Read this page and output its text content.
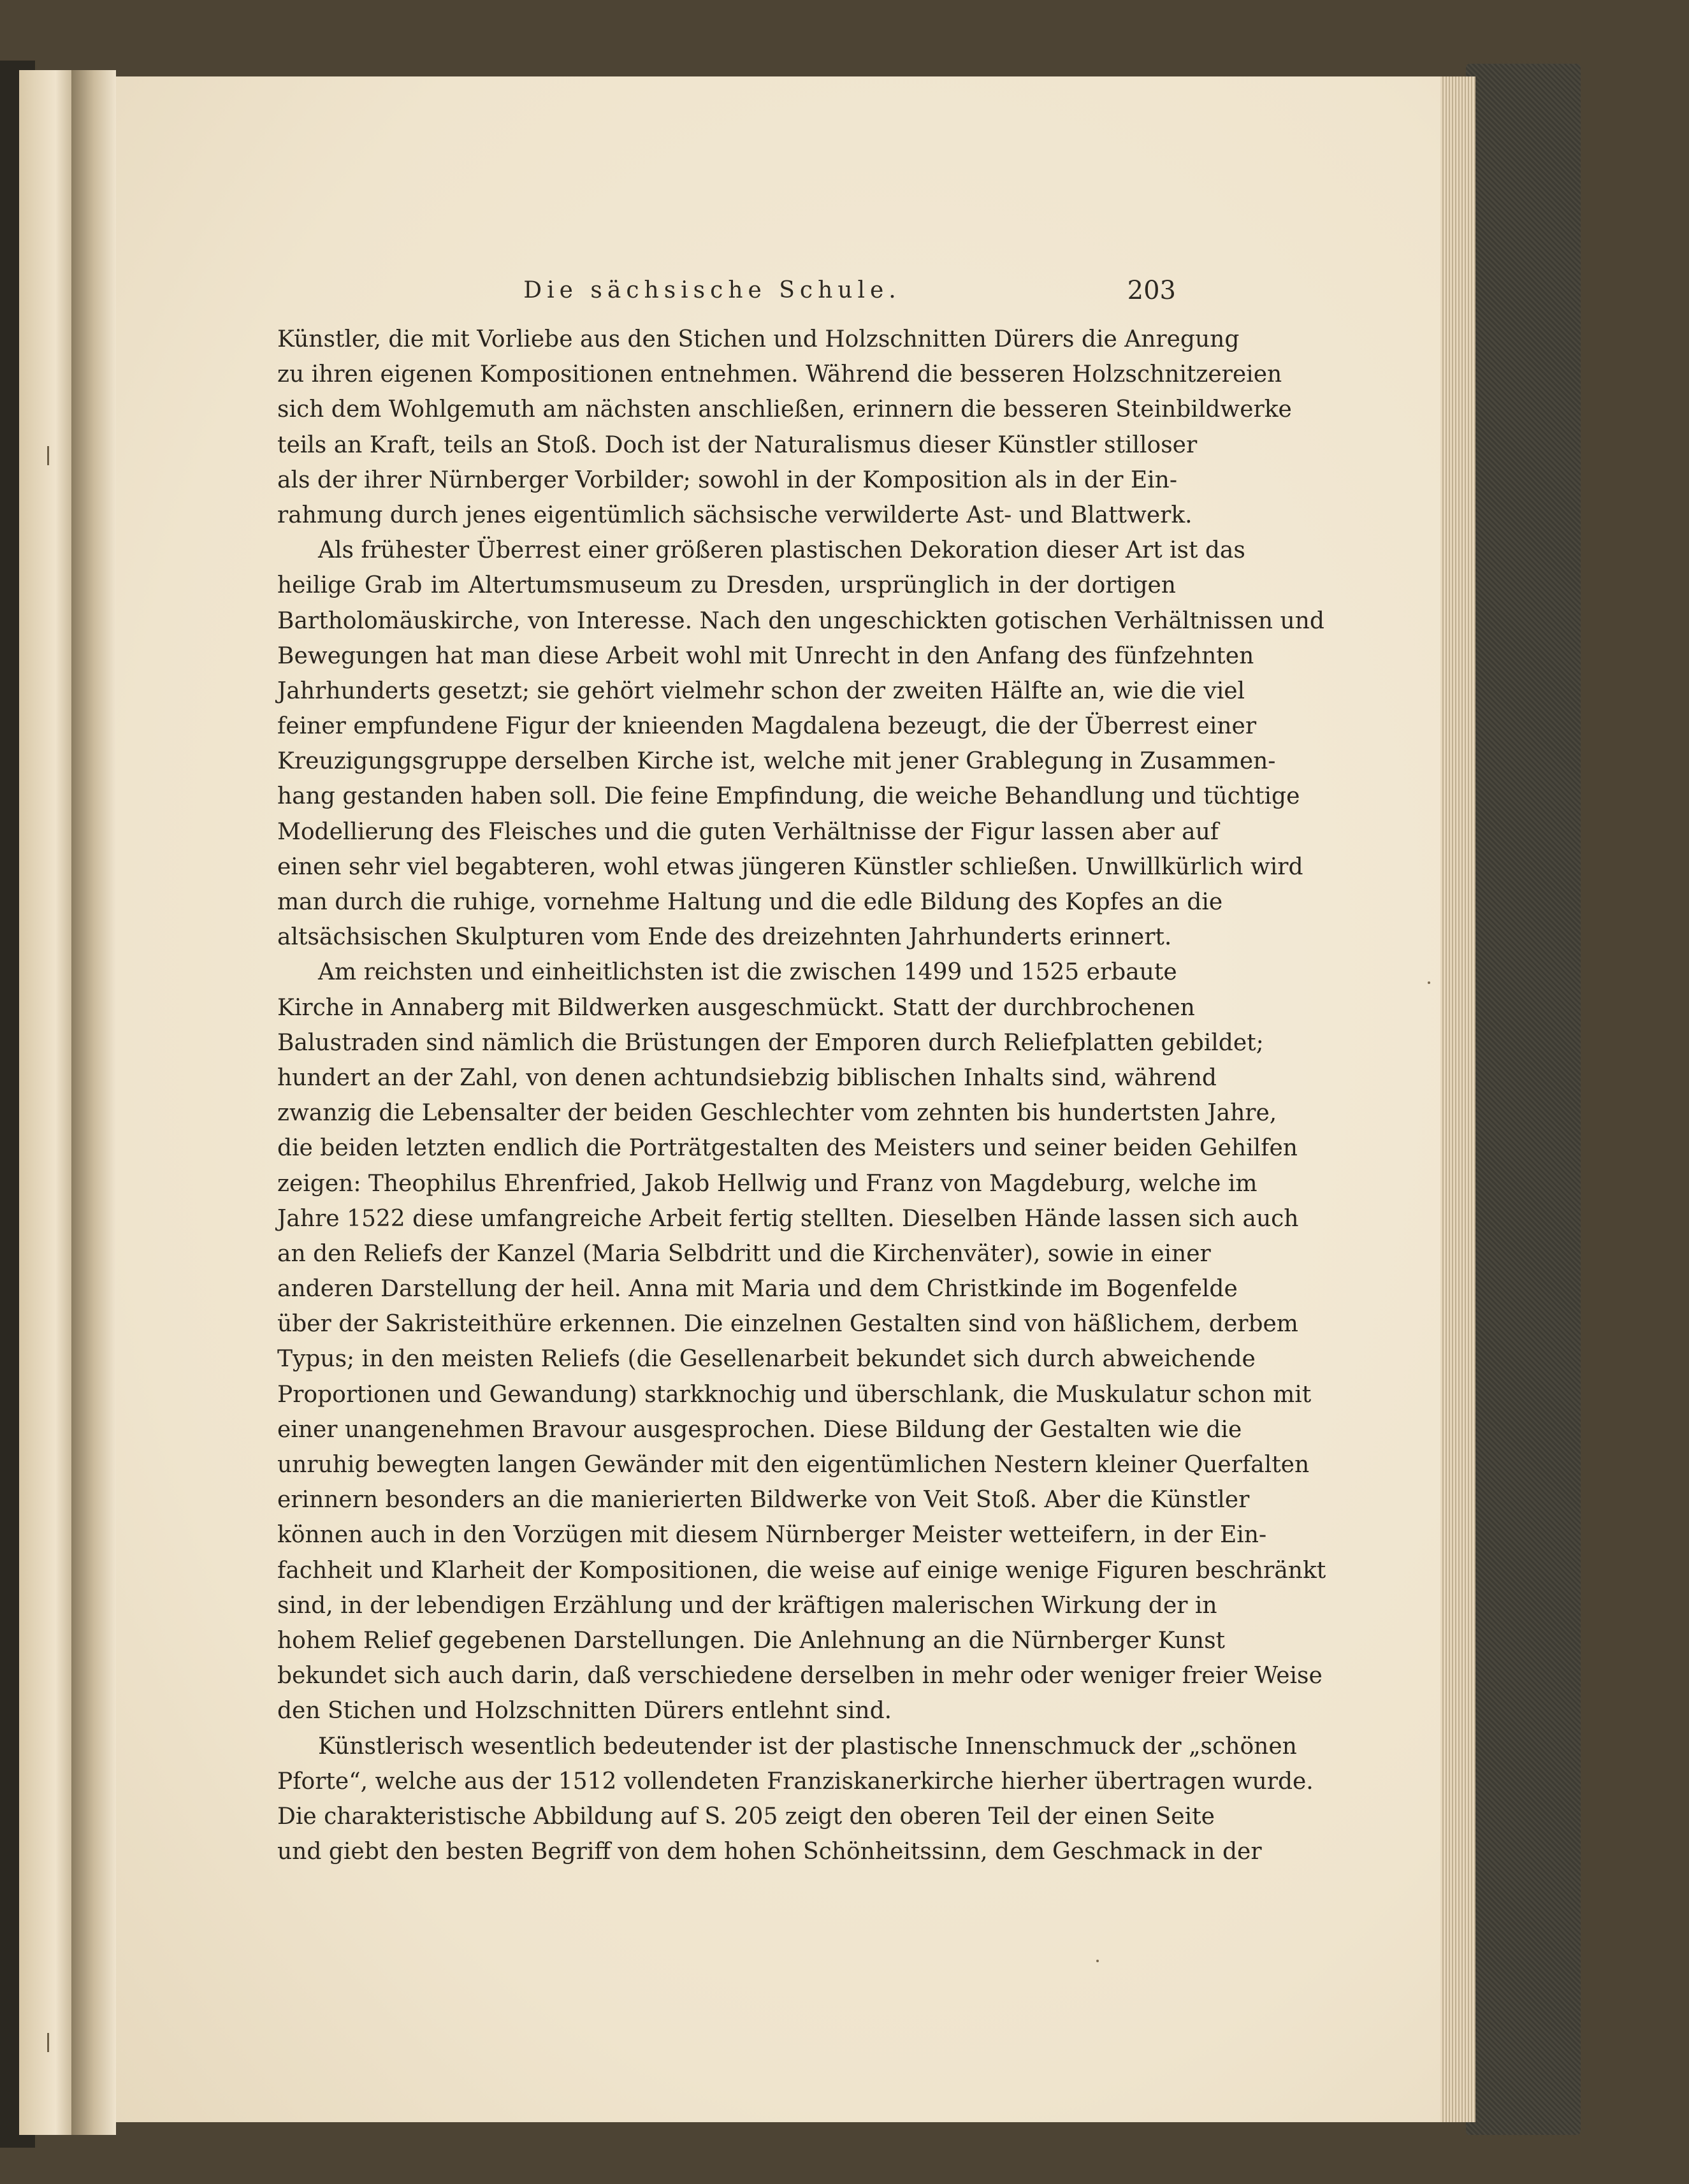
Die sächsische Schule.	203
Künstler, die mit Vorliebe aus den Stichen und Holzschnitten Dürers die Anregung
zu ihren eigenen Kompositionen entnehmen. Während die besseren Holzschnitzereien
sich dem Wohlgemuth am nächsten anschließen, erinnern die besseren Steinbildwerke
teils an Kraft, teils an Stoß. Doch ist der Naturalismus dieser Künstler stilloser
als der ihrer Nürnberger Vorbilder; sowohl in der Komposition als in der Ein-
rahmung durch jenes eigentümlich sächsische verwilderte Ast- und Blattwerk.
Als frühester Überrest einer größeren plastischen Dekoration dieser Art ist das
heilige Grab im Altertumsmuseum zu Dresden, ursprünglich in der dortigen
Bartholomäuskirche, von Interesse. Nach den ungeschickten gotischen Verhältnissen und
Bewegungen hat man diese Arbeit wohl mit Unrecht in den Anfang des fünfzehnten
Jahrhunderts gesetzt; sie gehört vielmehr schon der zweiten Hälfte an, wie die viel
feiner empfundene Figur der knieenden Magdalena bezeugt, die der Überrest einer
Kreuzigungsgruppe derselben Kirche ist, welche mit jener Grablegung in Zusammen-
hang gestanden haben soll. Die feine Empfindung, die weiche Behandlung und tüchtige
Modellierung des Fleisches und die guten Verhältnisse der Figur lassen aber auf
einen sehr viel begabteren, wohl etwas jüngeren Künstler schließen. Unwillkürlich wird
man durch die ruhige, vornehme Haltung und die edle Bildung des Kopfes an die
altsächsischen Skulpturen vom Ende des dreizehnten Jahrhunderts erinnert.
Am reichsten und einheitlichsten ist die zwischen 1499 und 1525 erbaute
Kirche in Annaberg mit Bildwerken ausgeschmückt. Statt der durchbrochenen
Balustraden sind nämlich die Brüstungen der Emporen durch Reliefplatten gebildet;
hundert an der Zahl, von denen achtundsiebzig biblischen Inhalts sind, während
zwanzig die Lebensalter der beiden Geschlechter vom zehnten bis hundertsten Jahre,
die beiden letzten endlich die Porträtgestalten des Meisters und seiner beiden Gehilfen
zeigen: Theophilus Ehrenfried, Jakob Hellwig und Franz von Magdeburg, welche im
Jahre 1522 diese umfangreiche Arbeit fertig stellten. Dieselben Hände lassen sich auch
an den Reliefs der Kanzel (Maria Selbdritt und die Kirchenväter), sowie in einer
anderen Darstellung der heil. Anna mit Maria und dem Christkinde im Bogenfelde
über der Sakristeithüre erkennen. Die einzelnen Gestalten sind von häßlichem, derbem
Typus; in den meisten Reliefs (die Gesellenarbeit bekundet sich durch abweichende
Proportionen und Gewandung) starkknochig und überschlank, die Muskulatur schon mit
einer unangenehmen Bravour ausgesprochen. Diese Bildung der Gestalten wie die
unruhig bewegten langen Gewänder mit den eigentümlichen Nestern kleiner Querfalten
erinnern besonders an die manierierten Bildwerke von Veit Stoß. Aber die Künstler
können auch in den Vorzügen mit diesem Nürnberger Meister wetteifern, in der Ein-
fachheit und Klarheit der Kompositionen, die weise auf einige wenige Figuren beschränkt
sind, in der lebendigen Erzählung und der kräftigen malerischen Wirkung der in
hohem Relief gegebenen Darstellungen. Die Anlehnung an die Nürnberger Kunst
bekundet sich auch darin, daß verschiedene derselben in mehr oder weniger freier Weise
den Stichen und Holzschnitten Dürers entlehnt sind.
Künstlerisch wesentlich bedeutender ist der plastische Innenschmuck der „schönen
Pforte“, welche aus der 1512 vollendeten Franziskanerkirche hierher übertragen wurde.
Die charakteristische Abbildung auf S. 205 zeigt den oberen Teil der einen Seite
und giebt den besten Begriff von dem hohen Schönheitssinn, dem Geschmack in der
